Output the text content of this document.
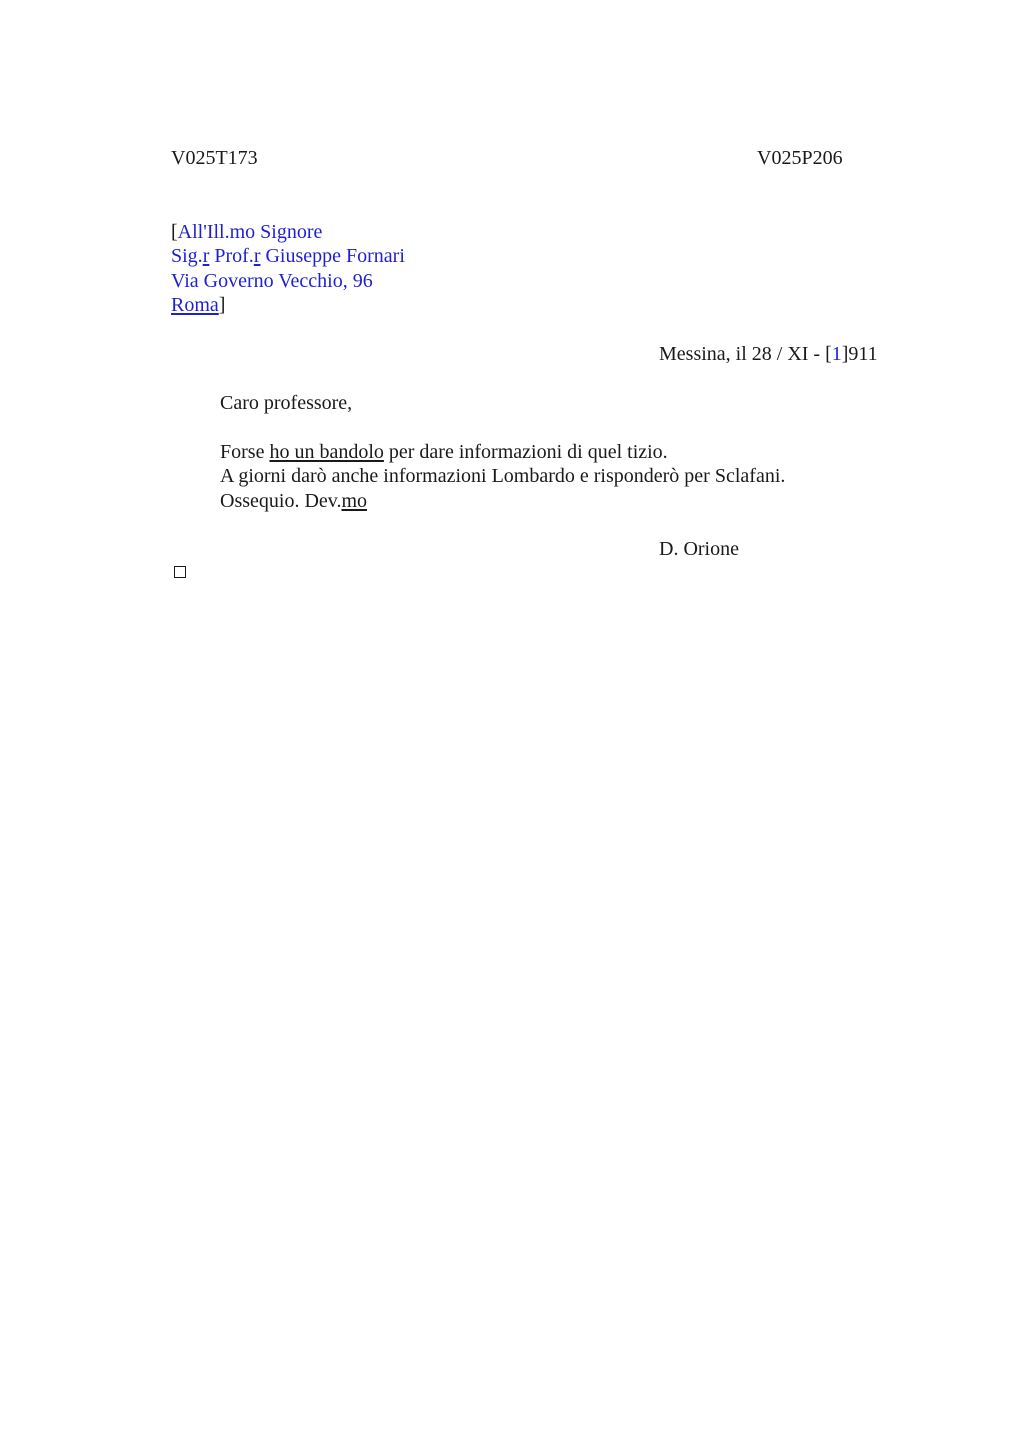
V025T173	V025P206
[All'Ill.mo Signore
Sig.r Prof.r Giuseppe Fornari
Via Governo Vecchio, 96
Roma]
Messina, il 28 / XI - [1]911
Caro professore,
Forse ho un bandolo per dare informazioni di quel tizio.
A giorni darò anche informazioni Lombardo e risponderò per Sclafani.
Ossequio. Dev.mo
D. Orione
